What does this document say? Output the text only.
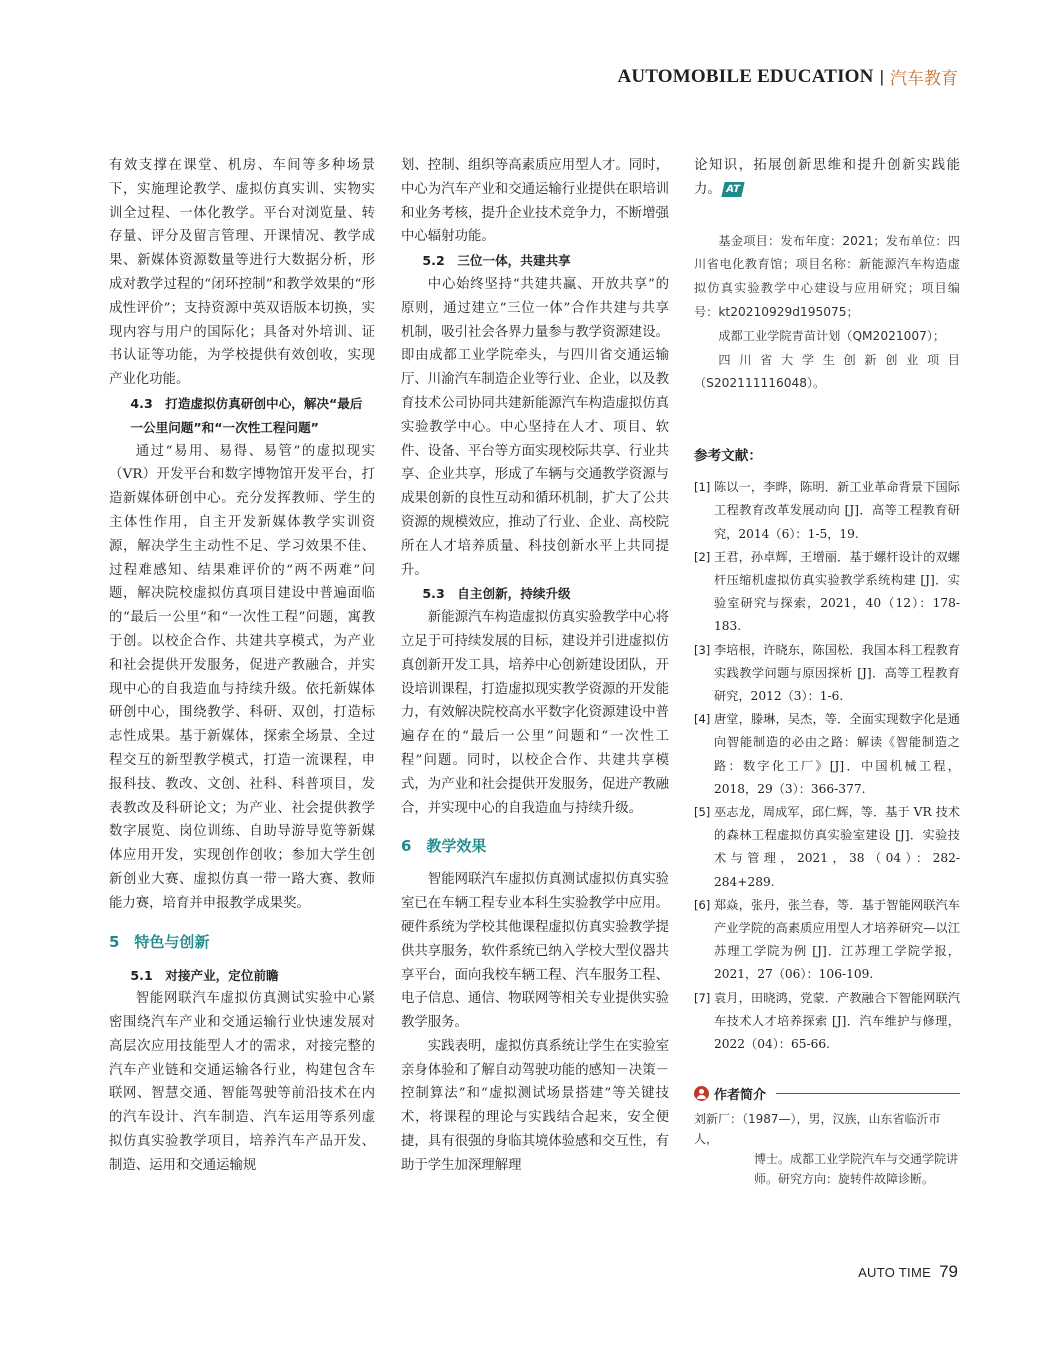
AUTOMOBILE EDUCATION | 汽车教育

有效支撑在课堂、机房、车间等多种场景下，实施理论教学、虚拟仿真实训、实物实训全过程、一体化教学。平台对浏览量、转存量、评分及留言管理、开课情况、教学成果、新媒体资源数量等进行大数据分析，形成对教学过程的“闭环控制”和教学效果的“形成性评价”；支持资源中英双语版本切换，实现内容与用户的国际化；具备对外培训、证书认证等功能，为学校提供有效创收，实现产业化功能。

4.3　打造虚拟仿真研创中心，解决“最后一公里问题”和“一次性工程问题”

通过“易用、易得、易管”的虚拟现实（VR）开发平台和数字博物馆开发平台，打造新媒体研创中心。充分发挥教师、学生的主体性作用，自主开发新媒体教学实训资源，解决学生主动性不足、学习效果不佳、过程难感知、结果难评价的“两不两难”问题，解决院校虚拟仿真项目建设中普遍面临的“最后一公里”和“一次性工程”问题，寓教于创。以校企合作、共建共享模式，为产业和社会提供开发服务，促进产教融合，并实现中心的自我造血与持续升级。依托新媒体研创中心，围绕教学、科研、双创，打造标志性成果。基于新媒体，探索全场景、全过程交互的新型教学模式，打造一流课程，申报科技、教改、文创、社科、科普项目，发表教改及科研论文；为产业、社会提供教学数字展览、岗位训练、自助导游导览等新媒体应用开发，实现创作创收；参加大学生创新创业大赛、虚拟仿真一带一路大赛、教师能力赛，培育并申报教学成果奖。

5　特色与创新
5.1　对接产业，定位前瞻

智能网联汽车虚拟仿真测试实验中心紧密围绕汽车产业和交通运输行业快速发展对高层次应用技能型人才的需求，对接完整的汽车产业链和交通运输各行业，构建包含车联网、智慧交通、智能驾驶等前沿技术在内的汽车设计、汽车制造、汽车运用等系列虚拟仿真实验教学项目，培养汽车产品开发、制造、运用和交通运输规

划、控制、组织等高素质应用型人才。同时，中心为汽车产业和交通运输行业提供在职培训和业务考核，提升企业技术竞争力，不断增强中心辐射功能。

5.2　三位一体，共建共享

中心始终坚持“共建共赢、开放共享”的原则，通过建立“三位一体”合作共建与共享机制，吸引社会各界力量参与教学资源建设。即由成都工业学院牵头，与四川省交通运输厅、川渝汽车制造企业等行业、企业，以及教育技术公司协同共建新能源汽车构造虚拟仿真实验教学中心。中心坚持在人才、项目、软件、设备、平台等方面实现校际共享、行业共享、企业共享，形成了车辆与交通教学资源与成果创新的良性互动和循环机制，扩大了公共资源的规模效应，推动了行业、企业、高校院所在人才培养质量、科技创新水平上共同提升。

5.3　自主创新，持续升级

新能源汽车构造虚拟仿真实验教学中心将立足于可持续发展的目标，建设并引进虚拟仿真创新开发工具，培养中心创新建设团队，开设培训课程，打造虚拟现实教学资源的开发能力，有效解决院校高水平数字化资源建设中普遍存在的“最后一公里”问题和“一次性工程”问题。同时，以校企合作、共建共享模式，为产业和社会提供开发服务，促进产教融合，并实现中心的自我造血与持续升级。

6　教学效果

智能网联汽车虚拟仿真测试虚拟仿真实验室已在车辆工程专业本科生实验教学中应用。硬件系统为学校其他课程虚拟仿真实验教学提供共享服务，软件系统已纳入学校大型仪器共享平台，面向我校车辆工程、汽车服务工程、电子信息、通信、物联网等相关专业提供实验教学服务。

实践表明，虚拟仿真系统让学生在实验室亲身体验和了解自动驾驶功能的感知－决策－控制算法”和“虚拟测试场景搭建”等关键技术，将课程的理论与实践结合起来，安全便捷，具有很强的身临其境体验感和交互性，有助于学生加深理解理

论知识，拓展创新思维和提升创新实践能力。 AT

基金项目：发布年度：2021；发布单位：四川省电化教育馆；项目名称：新能源汽车构造虚拟仿真实验教学中心建设与应用研究；项目编号：kt20210929d195075；

成都工业学院青苗计划（QM2021007）；

四川省大学生创新创业项目（S202111116048）。

参考文献：
[1] 陈以一，李晔，陈明．新工业革命背景下国际工程教育改革发展动向 [J]．高等工程教育研究，2014（6）：1-5，19.
[2] 王君，孙卓辉，王增丽．基于螺杆设计的双螺杆压缩机虚拟仿真实验教学系统构建 [J]．实验室研究与探索，2021，40（12）：178-183.
[3] 李培根，许晓东，陈国松．我国本科工程教育实践教学问题与原因探析 [J]．高等工程教育研究，2012（3）：1-6.
[4] 唐堂，滕琳，吴杰，等．全面实现数字化是通向智能制造的必由之路：解读《智能制造之路：数字化工厂》[J]．中国机械工程，2018，29（3）：366-377.
[5] 巫志龙，周成军，邱仁辉，等．基于 VR 技术的森林工程虚拟仿真实验室建设 [J]．实验技术与管理，2021，38（04）：282-284+289.
[6] 郑焱，张丹，张兰春，等．基于智能网联汽车产业学院的高素质应用型人才培养研究—以江苏理工学院为例 [J]．江苏理工学院学报，2021，27（06）：106-109.
[7] 袁月，田晓鸿，党蒙．产教融合下智能网联汽车技术人才培养探索 [J]．汽车维护与修理，2022（04）：65-66.
作者简介
刘新厂：（1987—），男，汉族，山东省临沂市人，
博士。成都工业学院汽车与交通学院讲师。研究方向：旋转件故障诊断。
AUTO TIME 79
